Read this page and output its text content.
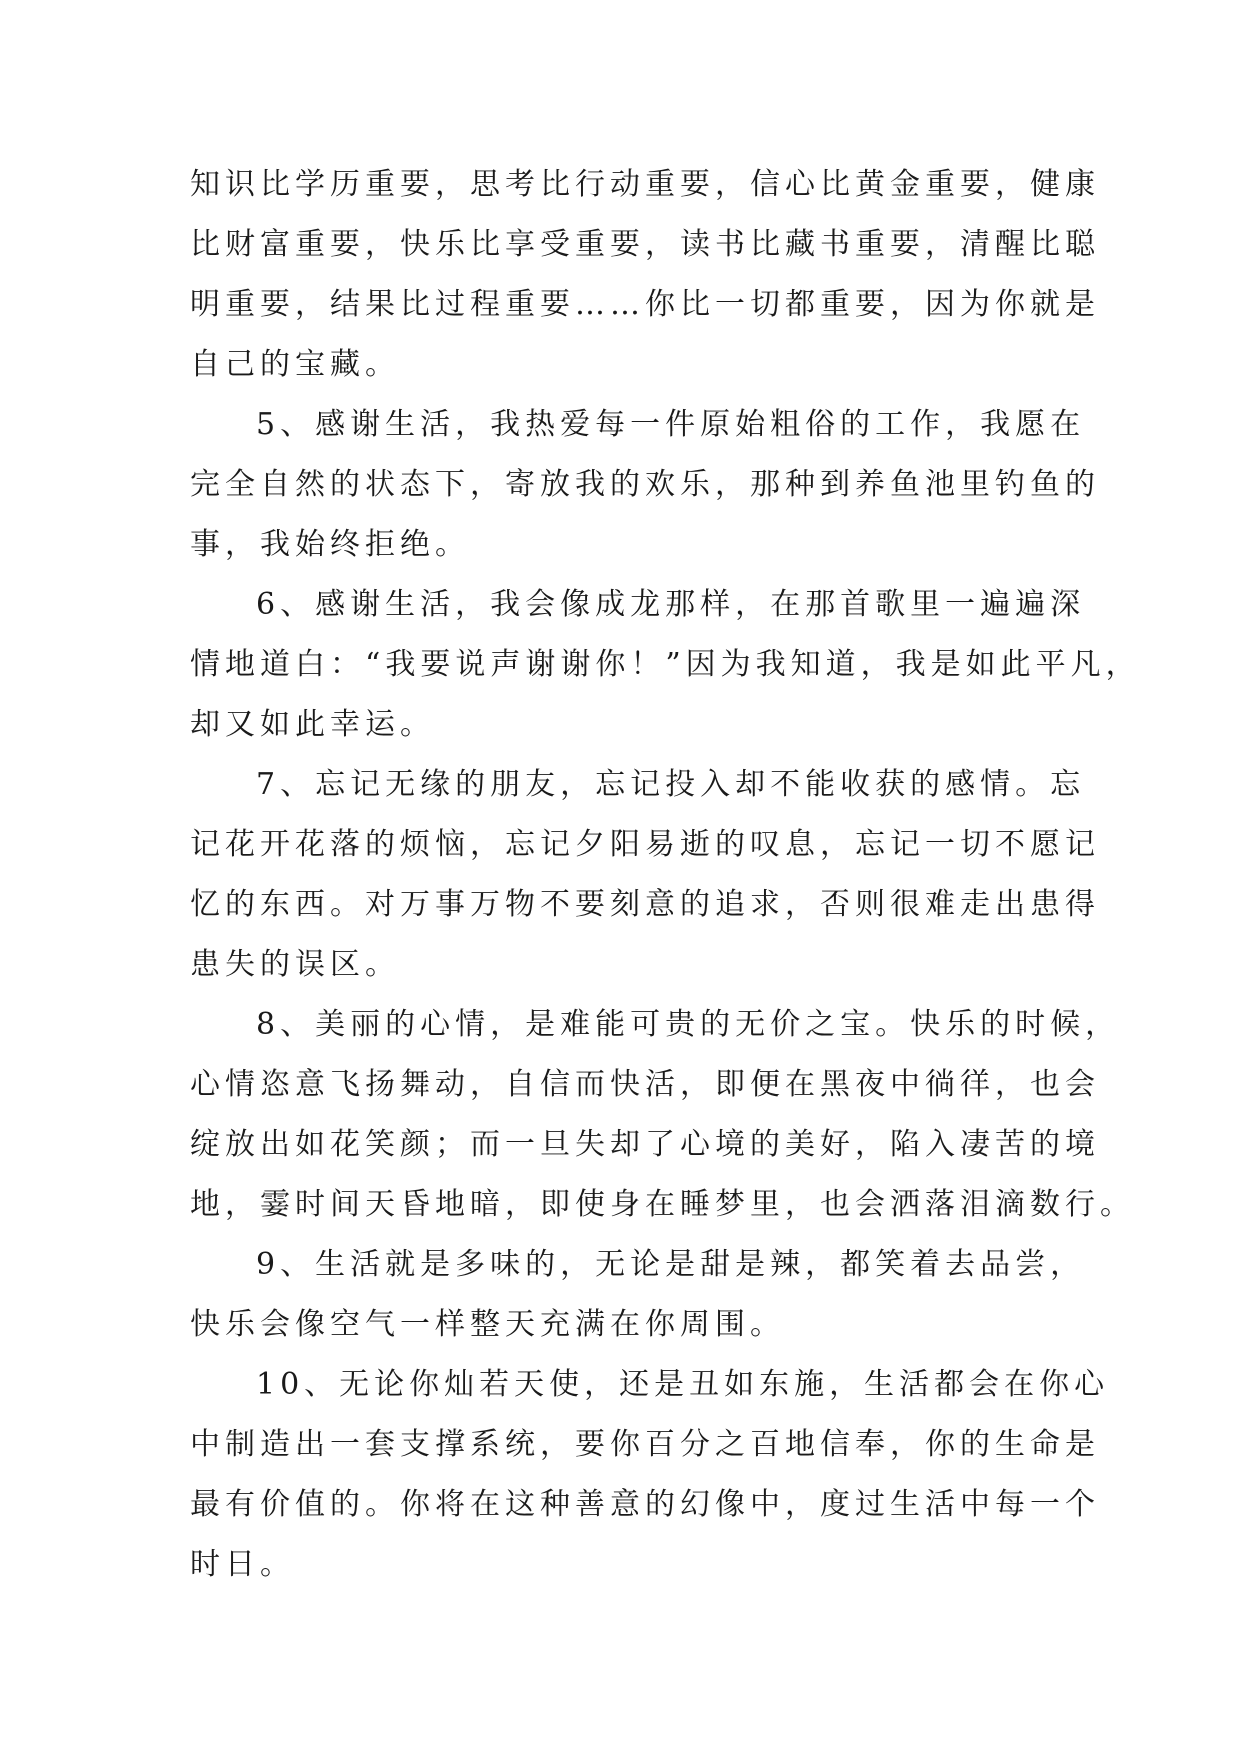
知识比学历重要，思考比行动重要，信心比黄金重要，健康
比财富重要，快乐比享受重要，读书比藏书重要，清醒比聪
明重要，结果比过程重要……你比一切都重要，因为你就是
自己的宝藏。

5、感谢生活，我热爱每一件原始粗俗的工作，我愿在
完全自然的状态下，寄放我的欢乐，那种到养鱼池里钓鱼的
事，我始终拒绝。

6、感谢生活，我会像成龙那样，在那首歌里一遍遍深
情地道白：“我要说声谢谢你！”因为我知道，我是如此平凡，
却又如此幸运。

7、忘记无缘的朋友，忘记投入却不能收获的感情。忘
记花开花落的烦恼，忘记夕阳易逝的叹息，忘记一切不愿记
忆的东西。对万事万物不要刻意的追求，否则很难走出患得
患失的误区。

8、美丽的心情，是难能可贵的无价之宝。快乐的时候，
心情恣意飞扬舞动，自信而快活，即便在黑夜中徜徉，也会
绽放出如花笑颜；而一旦失却了心境的美好，陷入凄苦的境
地，霎时间天昏地暗，即使身在睡梦里，也会洒落泪滴数行。

9、生活就是多味的，无论是甜是辣，都笑着去品尝，
快乐会像空气一样整天充满在你周围。

10、无论你灿若天使，还是丑如东施，生活都会在你心
中制造出一套支撑系统，要你百分之百地信奉，你的生命是
最有价值的。你将在这种善意的幻像中，度过生活中每一个
时日。
